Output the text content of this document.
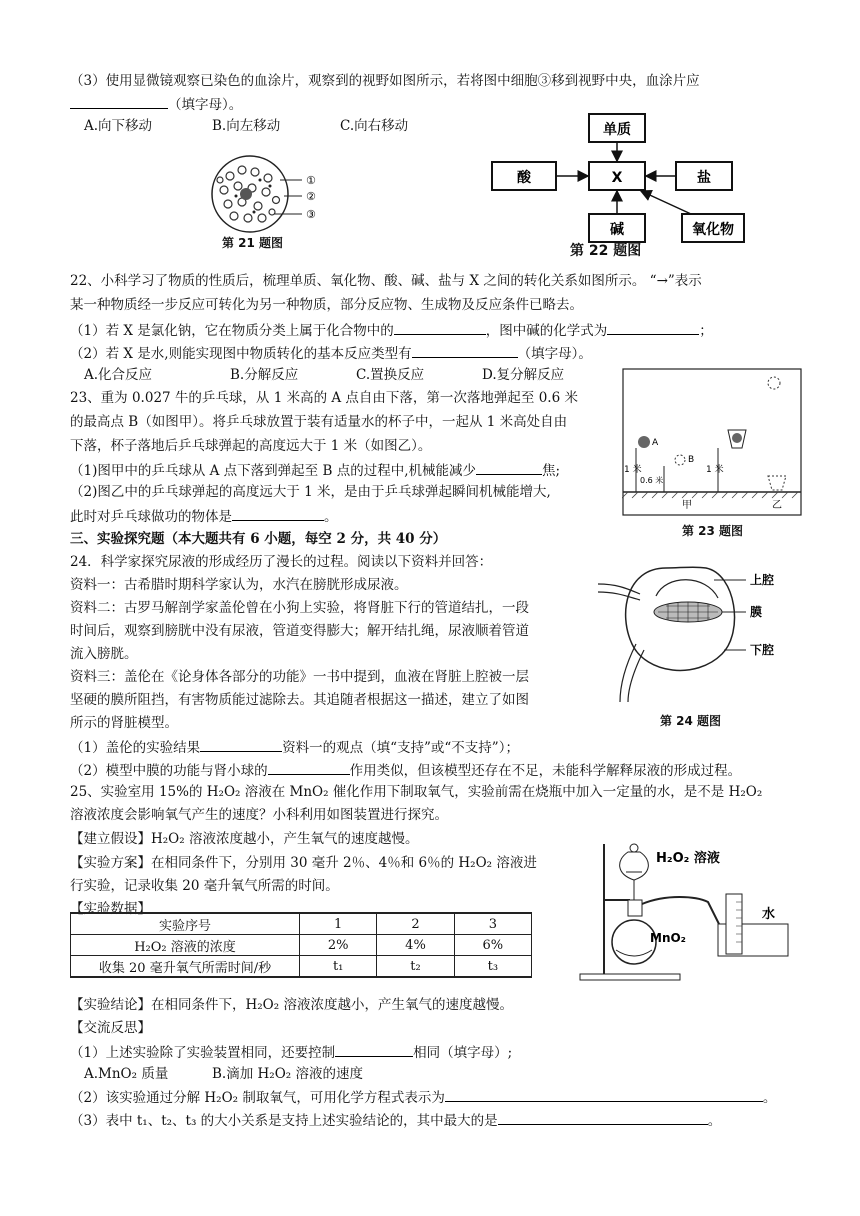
（3）使用显微镜观察已染色的血涂片，观察到的视野如图所示，若将图中细胞③移到视野中央，血涂片应
（填字母）。
A.向下移动	B.向左移动	C.向右移动
①
②
③
第 21 题图
单质
酸	X	盐
碱	氧化物
第 22 题图
22、小科学习了物质的性质后，梳理单质、氧化物、酸、碱、盐与 X 之间的转化关系如图所示。 “→”表示
某一种物质经一步反应可转化为另一种物质，部分反应物、生成物及反应条件已略去。
（1）若 X 是氯化钠，它在物质分类上属于化合物中的	，图中碱的化学式为	；
（2）若 X 是水,则能实现图中物质转化的基本反应类型有	（填字母）。
A.化合反应	B.分解反应	C.置换反应	D.复分解反应
23、重为 0.027 牛的乒乓球，从 1 米高的 A 点自由下落，第一次落地弹起至 0.6 米
的最高点 B（如图甲）。将乒乓球放置于装有适量水的杯子中，一起从 1 米高处自由
下落，杯子落地后乒乓球弹起的高度远大于 1 米（如图乙）。
（1)图甲中的乒乓球从 A 点下落到弹起至 B 点的过程中,机械能减少	焦;
（2)图乙中的乒乓球弹起的高度远大于 1 米，是由于乒乓球弹起瞬间机械能增大,
此时对乒乓球做功的物体是	。
A
B
1 米
0.6 米
1 米
甲	乙
第 23 题图
三、实验探究题（本大题共有 6 小题，每空 2 分，共 40 分）
24．科学家探究尿液的形成经历了漫长的过程。阅读以下资料并回答：
资料一：古希腊时期科学家认为，水汽在膀胱形成尿液。
资料二：古罗马解剖学家盖伦曾在小狗上实验，将肾脏下行的管道结扎，一段
时间后，观察到膀胱中没有尿液，管道变得膨大；解开结扎绳，尿液顺着管道
流入膀胱。
资料三：盖伦在《论身体各部分的功能》一书中提到，血液在肾脏上腔被一层
坚硬的膜所阻挡，有害物质能过滤除去。其追随者根据这一描述，建立了如图
所示的肾脏模型。
（1）盖伦的实验结果	资料一的观点（填“支持”或“不支持”）；
（2）模型中膜的功能与肾小球的	作用类似，但该模型还存在不足，未能科学解释尿液的形成过程。
上腔
膜
下腔
第 24 题图
25、实验室用 15%的 H₂O₂ 溶液在 MnO₂ 催化作用下制取氧气，实验前需在烧瓶中加入一定量的水，是不是 H₂O₂
溶液浓度会影响氧气产生的速度？小科利用如图装置进行探究。
【建立假设】H₂O₂ 溶液浓度越小，产生氧气的速度越慢。
【实验方案】在相同条件下，分别用 30 毫升 2％、4％和 6％的 H₂O₂ 溶液进
行实验，记录收集 20 毫升氧气所需的时间。
【实验数据】
实验序号	1	2	3
H₂O₂ 溶液的浓度	2%	4%	6%
收集 20 毫升氧气所需时间/秒	t₁	t₂	t₃
H₂O₂ 溶液
水
MnO₂
【实验结论】在相同条件下，H₂O₂ 溶液浓度越小，产生氧气的速度越慢。
【交流反思】
（1）上述实验除了实验装置相同，还要控制	相同（填字母）;
A.MnO₂ 质量	B.滴加 H₂O₂ 溶液的速度
（2）该实验通过分解 H₂O₂ 制取氧气，可用化学方程式表示为	。
（3）表中 t₁、t₂、t₃ 的大小关系是支持上述实验结论的，其中最大的是	。
